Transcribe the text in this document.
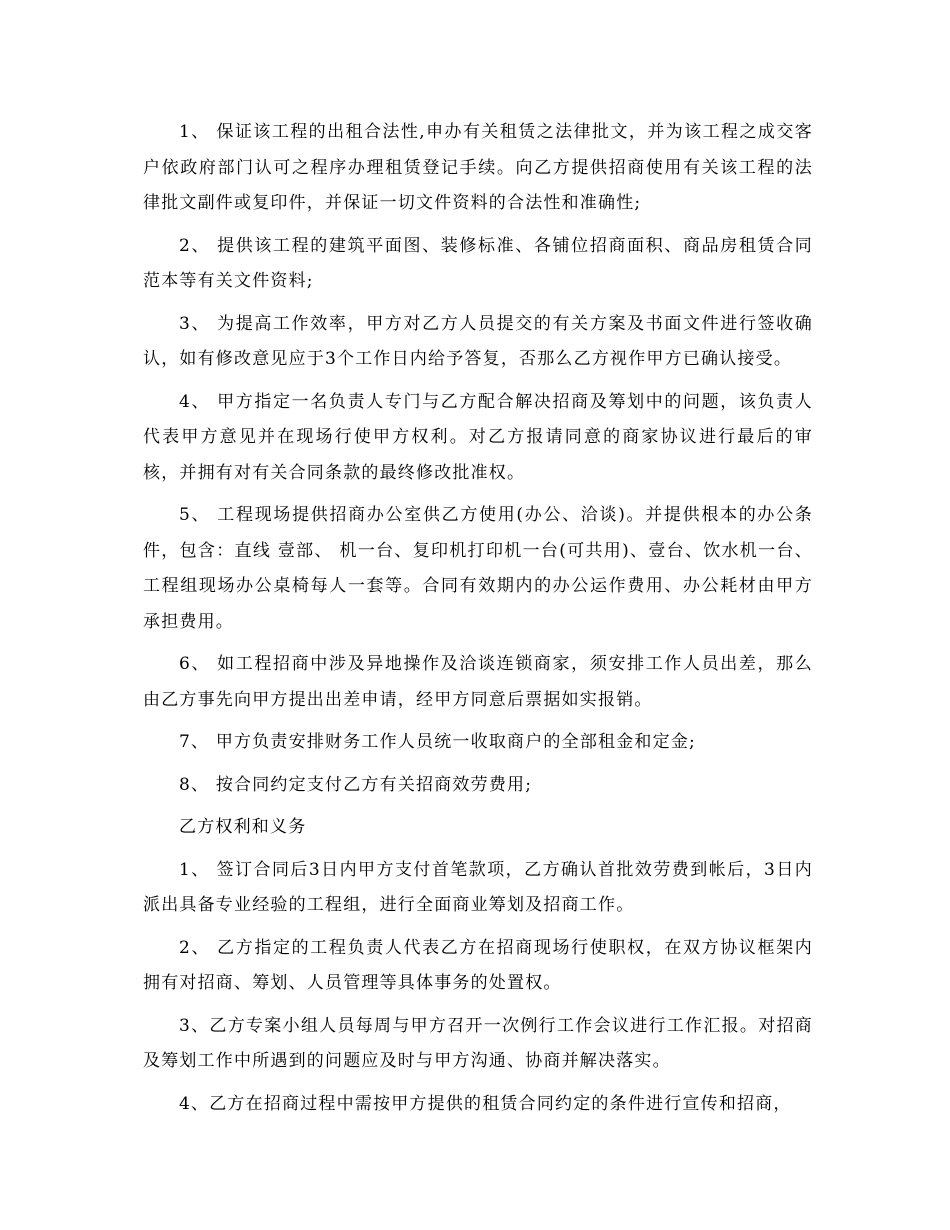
1、 保证该工程的出租合法性,申办有关租赁之法律批文，并为该工程之成交客户依政府部门认可之程序办理租赁登记手续。向乙方提供招商使用有关该工程的法律批文副件或复印件，并保证一切文件资料的合法性和准确性;

2、 提供该工程的建筑平面图、装修标准、各铺位招商面积、商品房租赁合同范本等有关文件资料;

3、 为提高工作效率，甲方对乙方人员提交的有关方案及书面文件进行签收确认，如有修改意见应于3个工作日内给予答复，否那么乙方视作甲方已确认接受。

4、 甲方指定一名负责人专门与乙方配合解决招商及筹划中的问题，该负责人代表甲方意见并在现场行使甲方权利。对乙方报请同意的商家协议进行最后的审核，并拥有对有关合同条款的最终修改批准权。

5、 工程现场提供招商办公室供乙方使用(办公、洽谈)。并提供根本的办公条件，包含：直线 壹部、 机一台、复印机打印机一台(可共用)、壹台、饮水机一台、工程组现场办公桌椅每人一套等。合同有效期内的办公运作费用、办公耗材由甲方承担费用。

6、 如工程招商中涉及异地操作及洽谈连锁商家，须安排工作人员出差，那么由乙方事先向甲方提出出差申请，经甲方同意后票据如实报销。

7、 甲方负责安排财务工作人员统一收取商户的全部租金和定金;

8、 按合同约定支付乙方有关招商效劳费用;

乙方权利和义务

1、 签订合同后3日内甲方支付首笔款项，乙方确认首批效劳费到帐后，3日内派出具备专业经验的工程组，进行全面商业筹划及招商工作。

2、 乙方指定的工程负责人代表乙方在招商现场行使职权，在双方协议框架内拥有对招商、筹划、人员管理等具体事务的处置权。

3、乙方专案小组人员每周与甲方召开一次例行工作会议进行工作汇报。对招商及筹划工作中所遇到的问题应及时与甲方沟通、协商并解决落实。

4、乙方在招商过程中需按甲方提供的租赁合同约定的条件进行宣传和招商，
